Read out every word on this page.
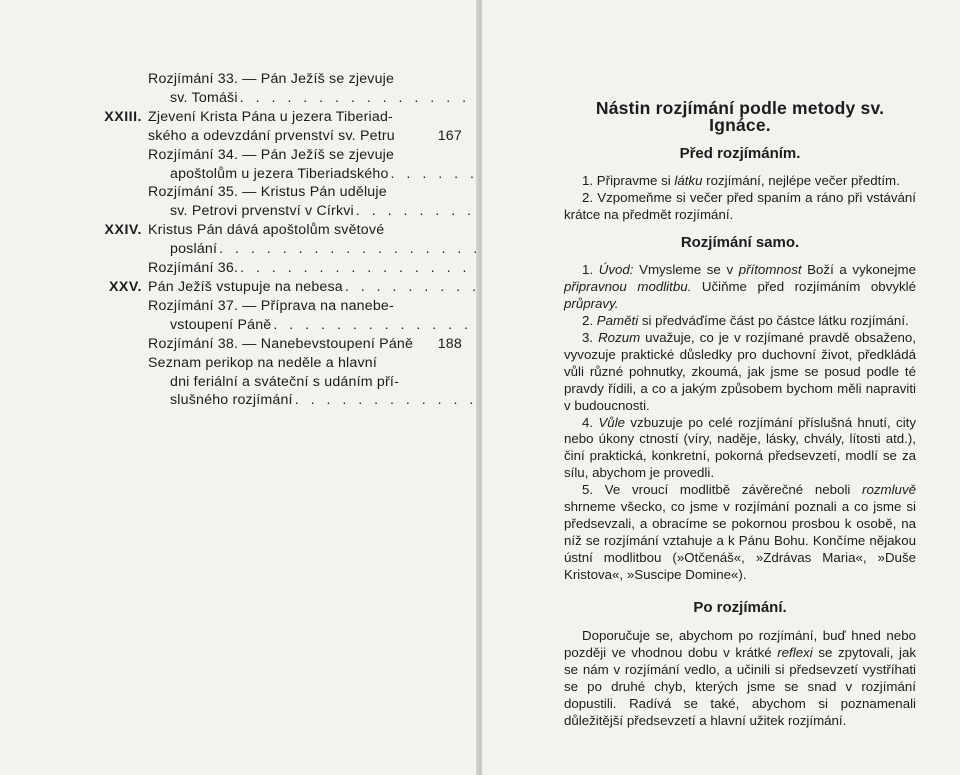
Rozjímání 33. — Pán Ježíš se zjevuje
sv. Tomáši
. . .
XXIII. Zjevení Krista Pána u jezera Tiberiad-
ského a odevzdání prvenství sv. Petru	167
Rozjímání 34. — Pán Ježíš se zjevuje
apoštolům u jezera Tiberiadského
. . .
Rozjímání 35. — Kristus Pán uděluje
sv. Petrovi prvenství v Církvi
. . .
XXIV. Kristus Pán dává apoštolům světové
poslání
. . .
Rozjímání 36.
. . .
XXV. Pán Ježíš vstupuje na nebesa
. . .
Rozjímání 37. — Příprava na nanebe-
vstoupení Páně
. . .
Rozjímání 38. — Nanebevstoupení Páně 188
Seznam perikop na neděle a hlavní
dni feriální a sváteční s udáním pří-
slušného rozjímání
. . .
Nástin rozjímání podle metody sv. Ignáce.
Před rozjímáním.

1. Připravme si látku rozjímání, nejlépe večer předtím.

2. Vzpomeňme si večer před spaním a ráno při vstávání krátce na předmět rozjímání.

Rozjímání samo.

1. Úvod: Vmysleme se v přítomnost Boží a vykonejme připravnou modlitbu. Učiňme před rozjímáním obvyklé průpravy.

2. Paměti si předváďíme část po částce látku rozjímání.

3. Rozum uvažuje, co je v rozjímané pravdě obsaženo, vyvozuje praktické důsledky pro duchovní život, předkládá vůli různé pohnutky, zkoumá, jak jsme se posud podle té pravdy řídili, a co a jakým způsobem bychom měli napraviti v budoucnosti.

4. Vůle vzbuzuje po celé rozjímání příslušná hnutí, city nebo úkony ctností (víry, naděje, lásky, chvály, lítosti atd.), činí praktická, konkretní, pokorná předsevzetí, modlí se za sílu, abychom je provedli.

5. Ve vroucí modlitbě závěrečné neboli rozmluvě shrneme všecko, co jsme v rozjímání poznali a co jsme si předsevzali, a obracíme se pokornou prosbou k osobě, na níž se rozjímání vztahuje a k Pánu Bohu. Končíme nějakou ústní modlitbou (»Otčenáš«, »Zdrávas Maria«, »Duše Kristova«, »Suscipe Domine«).

Po rozjímání.

Doporučuje se, abychom po rozjímání, buď hned nebo později ve vhodnou dobu v krátké reflexi se zpytovali, jak se nám v rozjímání vedlo, a učinili si předsevzetí vystříhati se po druhé chyb, kterých jsme se snad v rozjímání dopustili. Radívá se také, abychom si poznamenali důležitější předsevzetí a hlavní užitek rozjímání.
